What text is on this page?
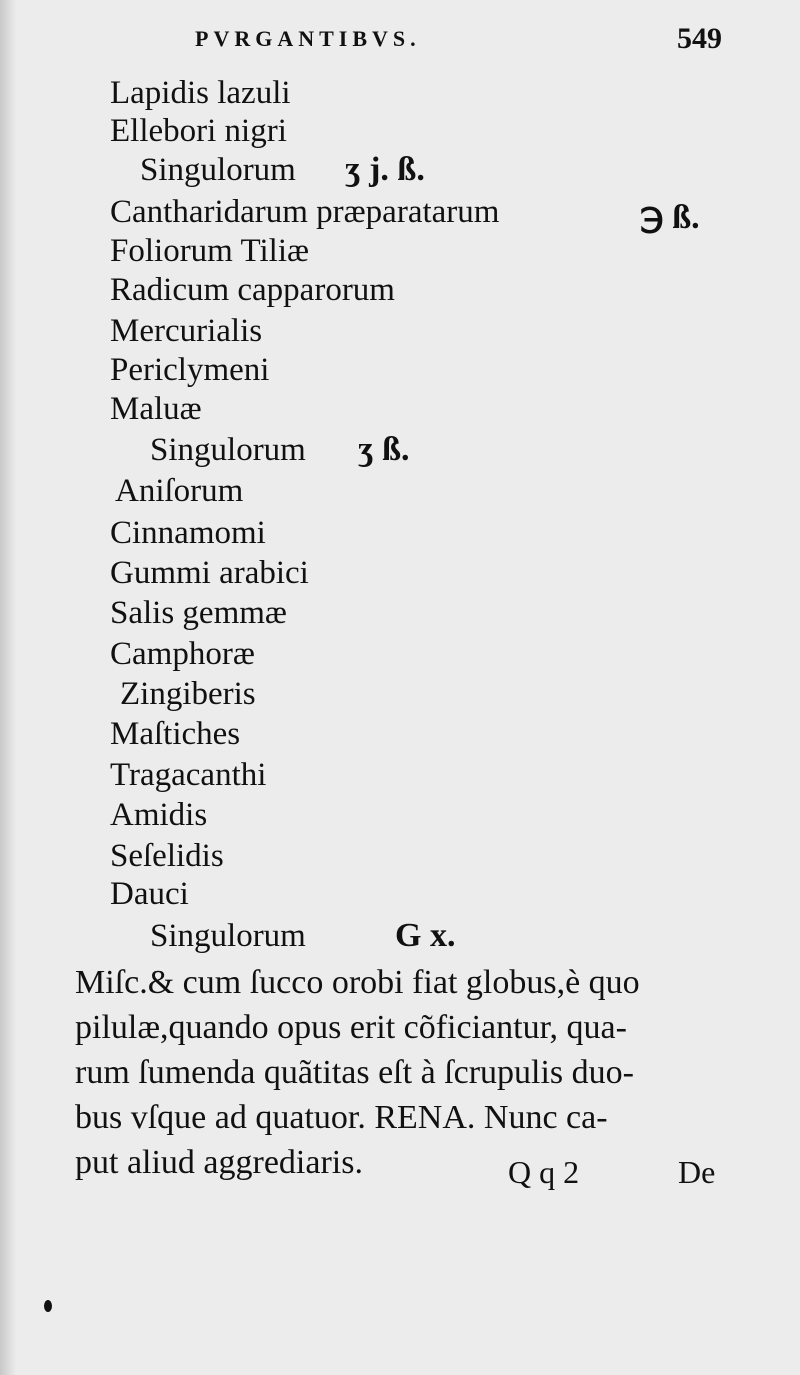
PVRGANTIBVS.	549
Lapidis lazuli
Ellebori nigri
Singulorum ʒ j. ß.
Cantharidarum præparatarum	℈ ß.
Foliorum Tiliæ
Radicum capparorum
Mercurialis
Periclymeni
Maluæ
Singulorum ʒ ß.
Aniſorum
Cinnamomi
Gummi arabici
Salis gemmæ
Camphoræ
Zingiberis
Maſtiches
Tragacanthi
Amidis
Seſelidis
Dauci
Singulorum	G x.
Miſc.& cum ſucco orobi fiat globus,è quo
pilulæ,quando opus erit cõficiantur, qua-
rum ſumenda quãtitas eſt à ſcrupulis duo-
bus vſque ad quatuor. RENA. Nunc ca-
put aliud aggrediaris.	Q q 2	De
